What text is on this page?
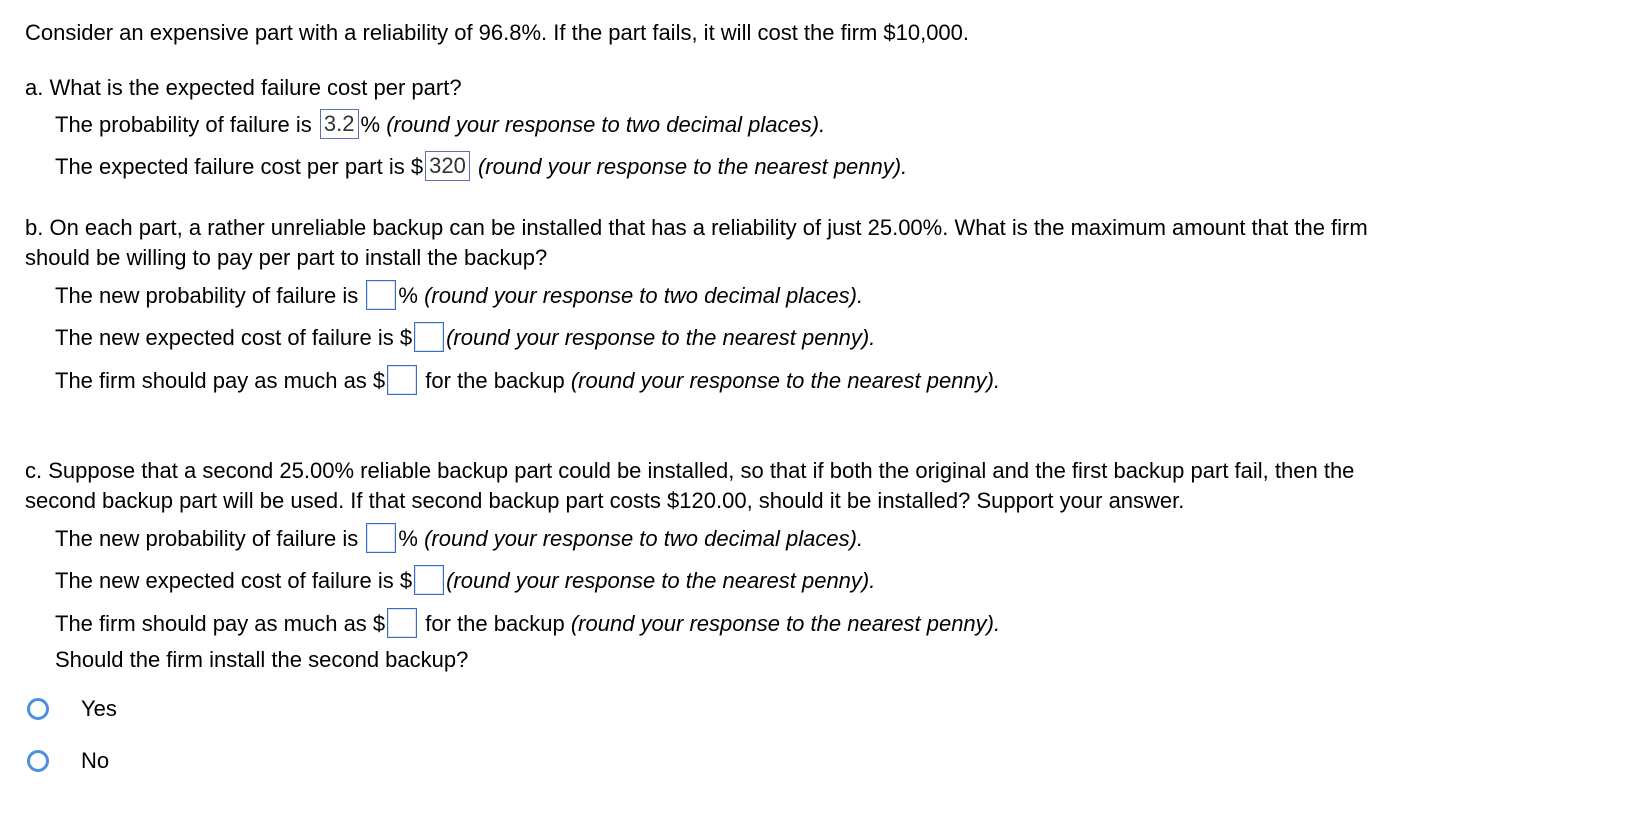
Consider an expensive part with a reliability of 96.8%. If the part fails, it will cost the firm $10,000.
a. What is the expected failure cost per part?
The probability of failure is 3.2 % (round your response to two decimal places).
The expected failure cost per part is $ 320 (round your response to the nearest penny).
b. On each part, a rather unreliable backup can be installed that has a reliability of just 25.00%. What is the maximum amount that the firm
should be willing to pay per part to install the backup?
The new probability of failure is % (round your response to two decimal places).
The new expected cost of failure is $ (round your response to the nearest penny).
The firm should pay as much as $ for the backup (round your response to the nearest penny).
c. Suppose that a second 25.00% reliable backup part could be installed, so that if both the original and the first backup part fail, then the
second backup part will be used. If that second backup part costs $120.00, should it be installed? Support your answer.
The new probability of failure is % (round your response to two decimal places).
The new expected cost of failure is $ (round your response to the nearest penny).
The firm should pay as much as $ for the backup (round your response to the nearest penny).
Should the firm install the second backup?
Yes
No
